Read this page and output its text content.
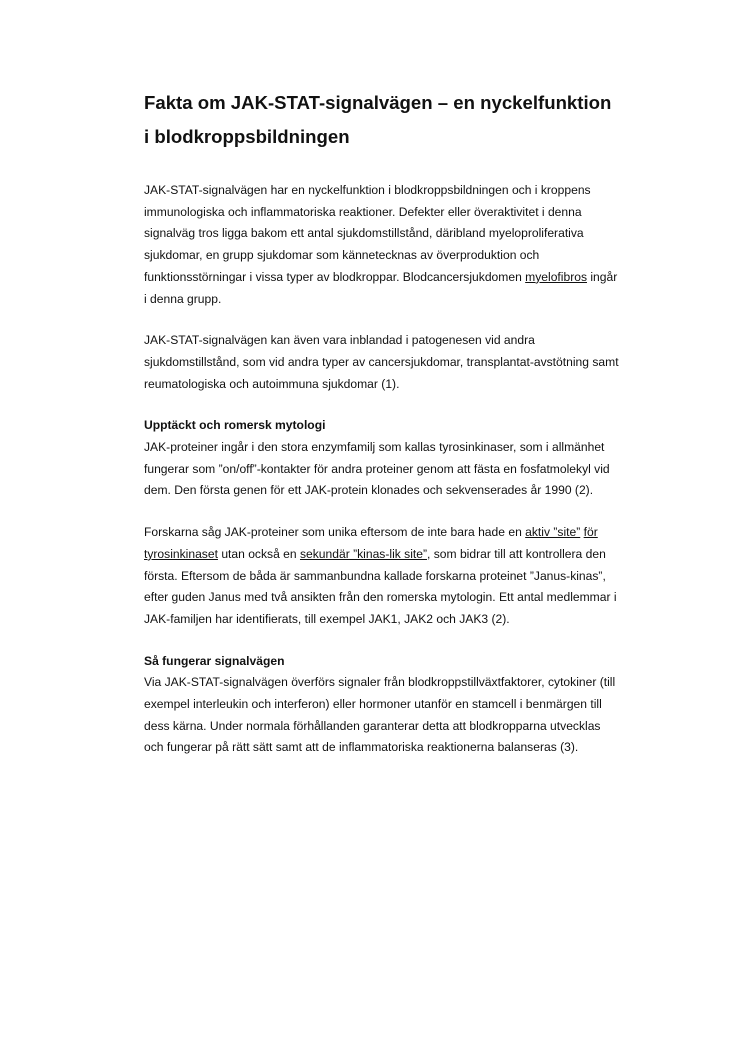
Fakta om JAK-STAT-signalvägen – en nyckelfunktion i blodkroppsbildningen

JAK-STAT-signalvägen har en nyckelfunktion i blodkroppsbildningen och i kroppens immunologiska och inflammatoriska reaktioner. Defekter eller överaktivitet i denna signalväg tros ligga bakom ett antal sjukdomstillstånd, däribland myeloproliferativa sjukdomar, en grupp sjukdomar som kännetecknas av överproduktion och funktionsstörningar i vissa typer av blodkroppar. Blodcancersjukdomen myelofibros ingår i denna grupp.

JAK-STAT-signalvägen kan även vara inblandad i patogenesen vid andra sjukdomstillstånd, som vid andra typer av cancersjukdomar, transplantat-avstötning samt reumatologiska och autoimmuna sjukdomar (1).

Upptäckt och romersk mytologi

JAK-proteiner ingår i den stora enzymfamilj som kallas tyrosinkinaser, som i allmänhet fungerar som ”on/off”-kontakter för andra proteiner genom att fästa en fosfatmolekyl vid dem. Den första genen för ett JAK-protein klonades och sekvenserades år 1990 (2).

Forskarna såg JAK-proteiner som unika eftersom de inte bara hade en aktiv ”site” för tyrosinkinaset utan också en sekundär ”kinas-lik site”, som bidrar till att kontrollera den första. Eftersom de båda är sammanbundna kallade forskarna proteinet ”Janus-kinas”, efter guden Janus med två ansikten från den romerska mytologin. Ett antal medlemmar i JAK-familjen har identifierats, till exempel JAK1, JAK2 och JAK3 (2).

Så fungerar signalvägen

Via JAK-STAT-signalvägen överförs signaler från blodkroppstillväxtfaktorer, cytokiner (till exempel interleukin och interferon) eller hormoner utanför en stamcell i benmärgen till dess kärna. Under normala förhållanden garanterar detta att blodkropparna utvecklas och fungerar på rätt sätt samt att de inflammatoriska reaktionerna balanseras (3).
